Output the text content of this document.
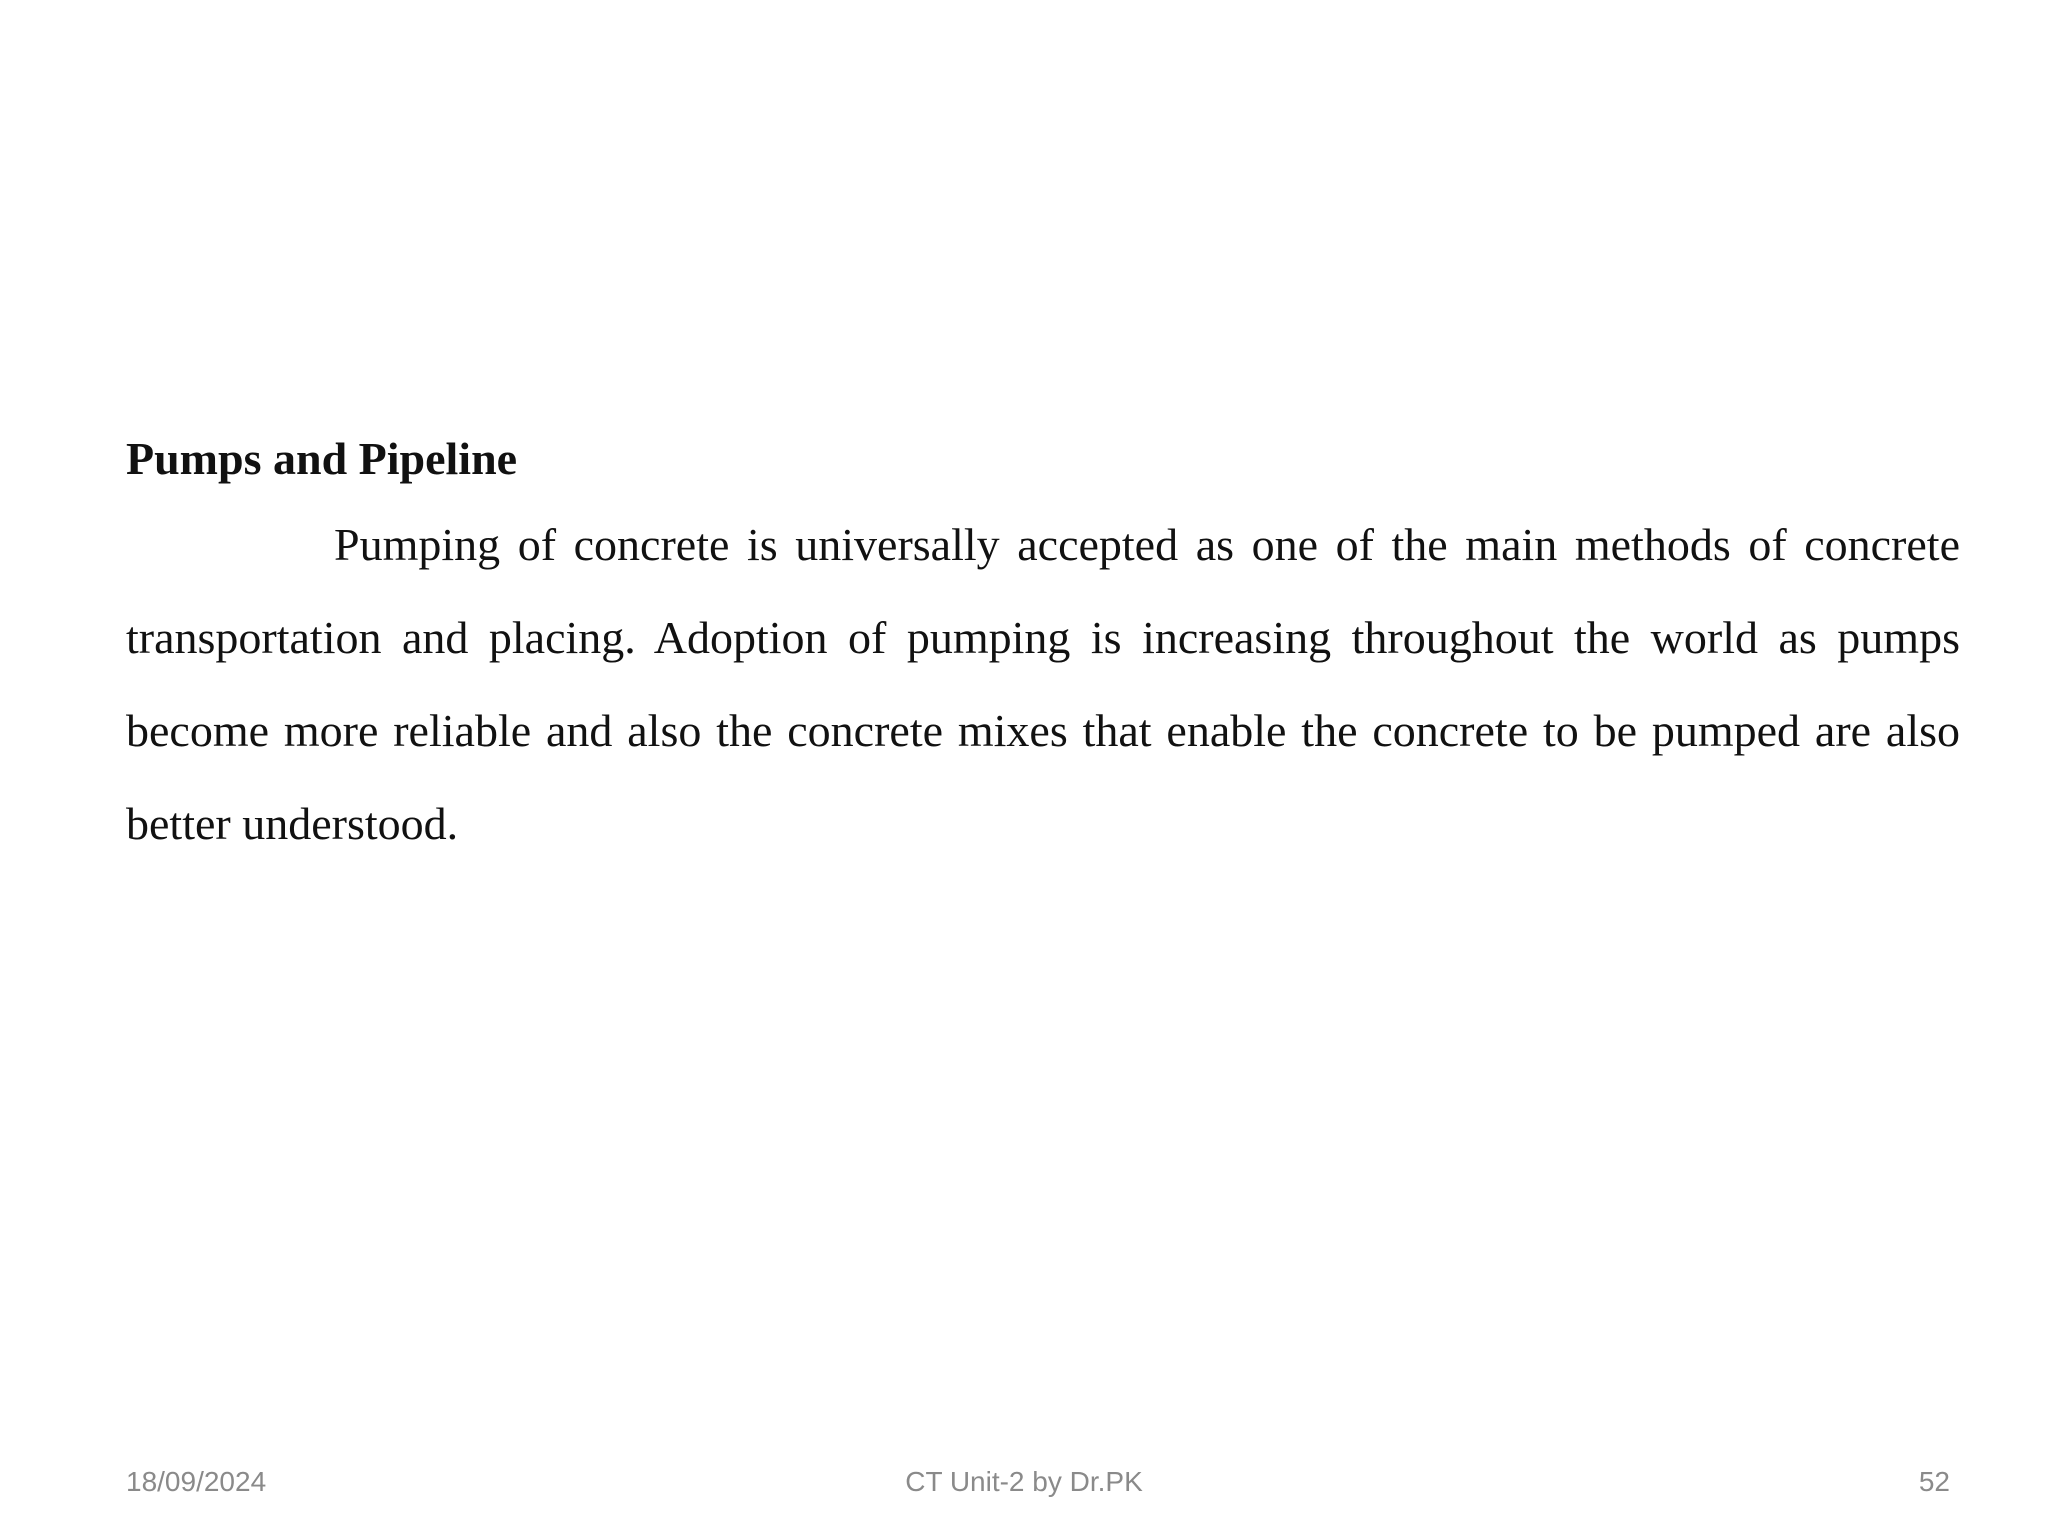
Pumps and Pipeline

Pumping of concrete is universally accepted as one of the main methods of concrete transportation and placing. Adoption of pumping is increasing throughout the world as pumps become more reliable and also the concrete mixes that enable the concrete to be pumped are also better understood.

18/09/2024	CT Unit-2 by Dr.PK	52
